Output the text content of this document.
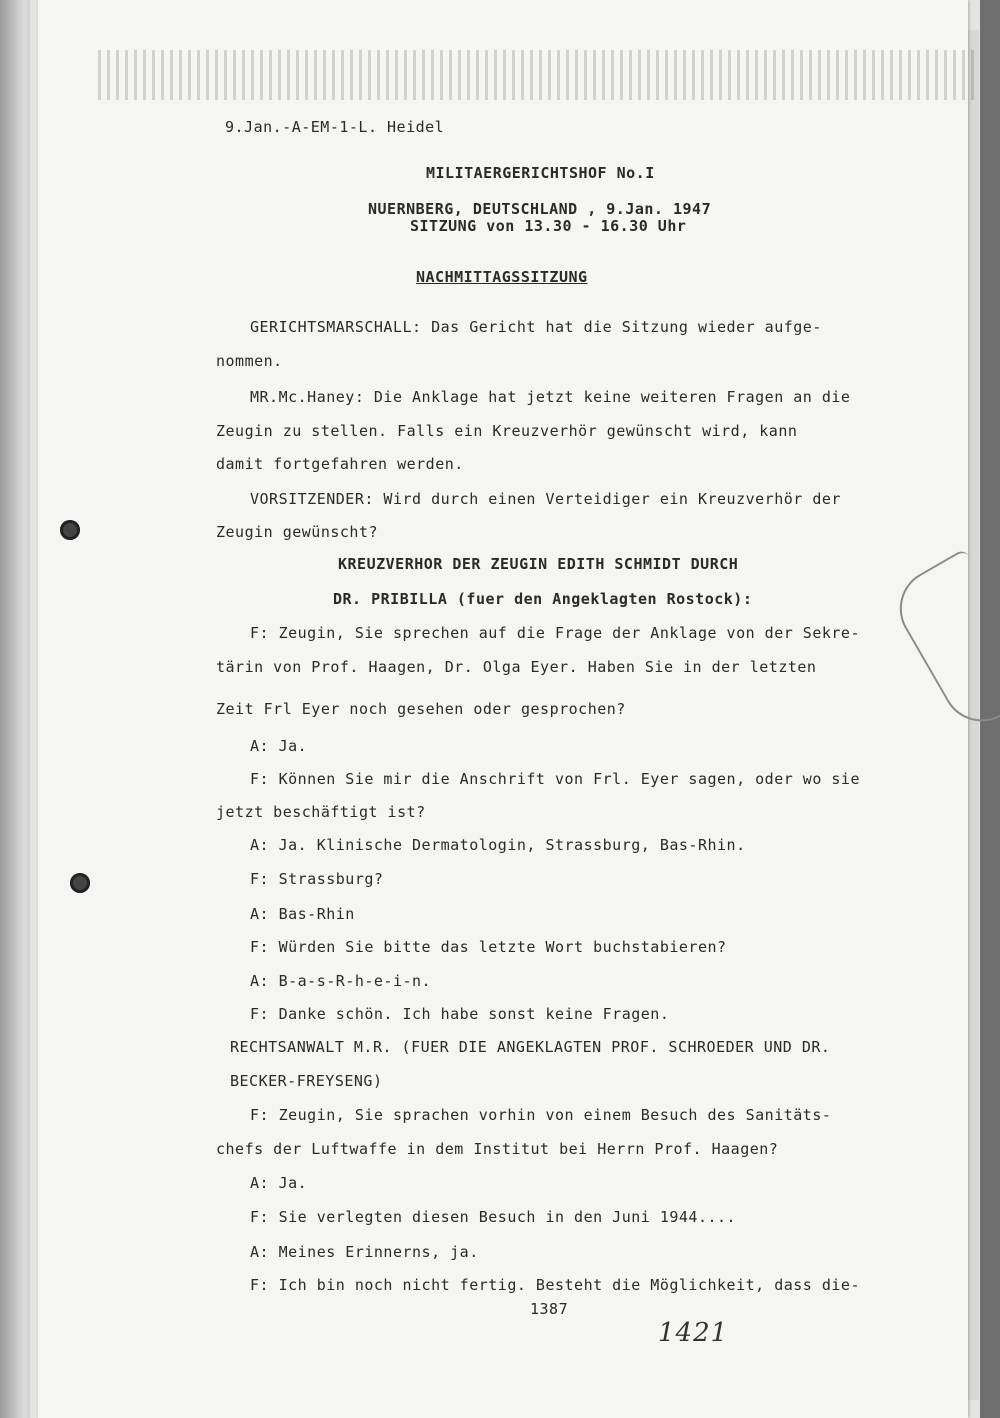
9.Jan.-A-EM-1-L. Heidel
MILITAERGERICHTSHOF No.I
NUERNBERG, DEUTSCHLAND , 9.Jan. 1947
SITZUNG von 13.30 - 16.30 Uhr
NACHMITTAGSSITZUNG
GERICHTSMARSCHALL: Das Gericht hat die Sitzung wieder aufge-
nommen.
MR.Mc.Haney: Die Anklage hat jetzt keine weiteren Fragen an die
Zeugin zu stellen. Falls ein Kreuzverhör gewünscht wird, kann
damit fortgefahren werden.
VORSITZENDER: Wird durch einen Verteidiger ein Kreuzverhör der
Zeugin gewünscht?
KREUZVERHOR DER ZEUGIN EDITH SCHMIDT DURCH
DR. PRIBILLA (fuer den Angeklagten Rostock):
F: Zeugin, Sie sprechen auf die Frage der Anklage von der Sekre-
tärin von Prof. Haagen, Dr. Olga Eyer. Haben Sie in der letzten
Zeit Frl Eyer noch gesehen oder gesprochen?
A: Ja.
F: Können Sie mir die Anschrift von Frl. Eyer sagen, oder wo sie
jetzt beschäftigt ist?
A: Ja. Klinische Dermatologin, Strassburg, Bas-Rhin.
F: Strassburg?
A: Bas-Rhin
F: Würden Sie bitte das letzte Wort buchstabieren?
A: B-a-s-R-h-e-i-n.
F: Danke schön. Ich habe sonst keine Fragen.
RECHTSANWALT M.R. (FUER DIE ANGEKLAGTEN PROF. SCHROEDER UND DR.
BECKER-FREYSENG)
F: Zeugin, Sie sprachen vorhin von einem Besuch des Sanitäts-
chefs der Luftwaffe in dem Institut bei Herrn Prof. Haagen?
A: Ja.
F: Sie verlegten diesen Besuch in den Juni 1944....
A: Meines Erinnerns, ja.
F: Ich bin noch nicht fertig. Besteht die Möglichkeit, dass die-
1387
1421
